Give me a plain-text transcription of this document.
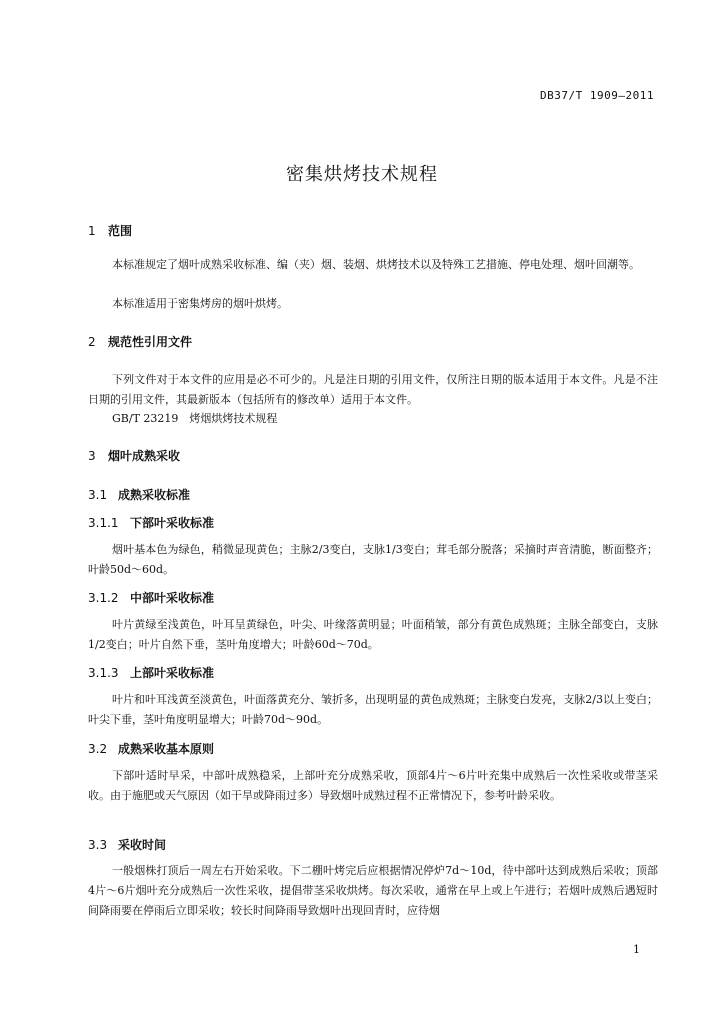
DB37/T 1909—2011
密集烘烤技术规程
1 范围
本标准规定了烟叶成熟采收标准、编（夹）烟、装烟、烘烤技术以及特殊工艺措施、停电处理、烟叶回潮等。
本标准适用于密集烤房的烟叶烘烤。
2 规范性引用文件
下列文件对于本文件的应用是必不可少的。凡是注日期的引用文件，仅所注日期的版本适用于本文件。凡是不注日期的引用文件，其最新版本（包括所有的修改单）适用于本文件。
GB/T 23219　烤烟烘烤技术规程
3 烟叶成熟采收
3.1 成熟采收标准
3.1.1 下部叶采收标准
烟叶基本色为绿色，稍微显现黄色；主脉2/3变白，支脉1/3变白；茸毛部分脱落；采摘时声音清脆，断面整齐；叶龄50d～60d。
3.1.2 中部叶采收标准
叶片黄绿至浅黄色，叶耳呈黄绿色，叶尖、叶缘落黄明显；叶面稍皱，部分有黄色成熟斑；主脉全部变白，支脉1/2变白；叶片自然下垂，茎叶角度增大；叶龄60d～70d。
3.1.3 上部叶采收标准
叶片和叶耳浅黄至淡黄色，叶面落黄充分、皱折多，出现明显的黄色成熟斑；主脉变白发亮，支脉2/3以上变白；叶尖下垂，茎叶角度明显增大；叶龄70d～90d。
3.2 成熟采收基本原则
下部叶适时早采，中部叶成熟稳采，上部叶充分成熟采收，顶部4片～6片叶充集中成熟后一次性采收或带茎采收。由于施肥或天气原因（如干旱或降雨过多）导致烟叶成熟过程不正常情况下，参考叶龄采收。
3.3 采收时间
一般烟株打顶后一周左右开始采收。下二棚叶烤完后应根据情况停炉7d～10d，待中部叶达到成熟后采收；顶部4片～6片烟叶充分成熟后一次性采收，提倡带茎采收烘烤。每次采收，通常在早上或上午进行；若烟叶成熟后遇短时间降雨要在停雨后立即采收；较长时间降雨导致烟叶出现回青时，应待烟
1
